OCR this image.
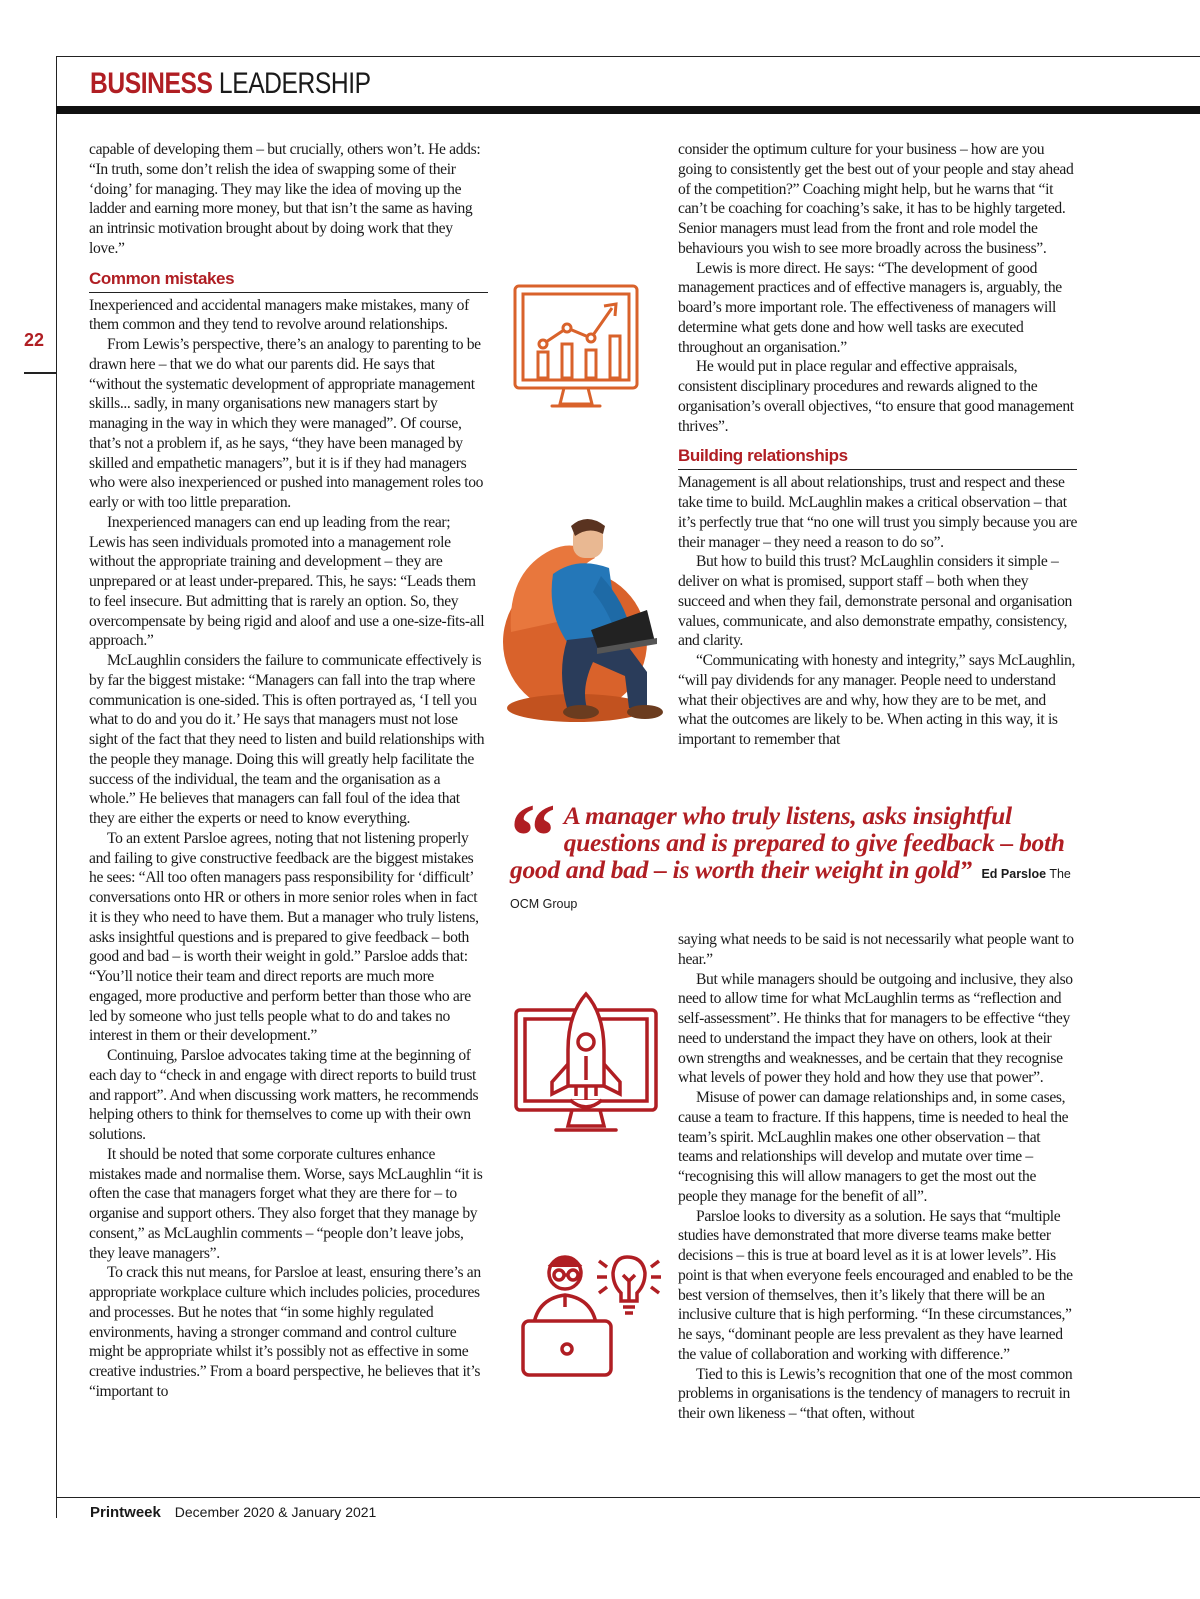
BUSINESS LEADERSHIP
22

capable of developing them – but crucially, others won’t. He adds: “In truth, some don’t relish the idea of swapping some of their ‘doing’ for managing. They may like the idea of moving up the ladder and earning more money, but that isn’t the same as having an intrinsic motivation brought about by doing work that they love.”

Common mistakes

Inexperienced and accidental managers make mistakes, many of them common and they tend to revolve around relationships.

From Lewis’s perspective, there’s an analogy to parenting to be drawn here – that we do what our parents did. He says that “without the systematic development of appropriate management skills... sadly, in many organisations new managers start by managing in the way in which they were managed”. Of course, that’s not a problem if, as he says, “they have been managed by skilled and empathetic managers”, but it is if they had managers who were also inexperienced or pushed into management roles too early or with too little preparation.

Inexperienced managers can end up leading from the rear; Lewis has seen individuals promoted into a management role without the appropriate training and development – they are unprepared or at least under-prepared. This, he says: “Leads them to feel insecure. But admitting that is rarely an option. So, they overcompensate by being rigid and aloof and use a one-size-fits-all approach.”

McLaughlin considers the failure to communicate effectively is by far the biggest mistake: “Managers can fall into the trap where communication is one-sided. This is often portrayed as, ‘I tell you what to do and you do it.’ He says that managers must not lose sight of the fact that they need to listen and build relationships with the people they manage. Doing this will greatly help facilitate the success of the individual, the team and the organisation as a whole.” He believes that managers can fall foul of the idea that they are either the experts or need to know everything.

To an extent Parsloe agrees, noting that not listening properly and failing to give constructive feedback are the biggest mistakes he sees: “All too often managers pass responsibility for ‘difficult’ conversations onto HR or others in more senior roles when in fact it is they who need to have them. But a manager who truly listens, asks insightful questions and is prepared to give feedback – both good and bad – is worth their weight in gold.” Parsloe adds that: “You’ll notice their team and direct reports are much more engaged, more productive and perform better than those who are led by someone who just tells people what to do and takes no interest in them or their development.”

Continuing, Parsloe advocates taking time at the beginning of each day to “check in and engage with direct reports to build trust and rapport”. And when discussing work matters, he recommends helping others to think for themselves to come up with their own solutions.

It should be noted that some corporate cultures enhance mistakes made and normalise them. Worse, says McLaughlin “it is often the case that managers forget what they are there for – to organise and support others. They also forget that they manage by consent,” as McLaughlin comments – “people don’t leave jobs, they leave managers”.

To crack this nut means, for Parsloe at least, ensuring there’s an appropriate workplace culture which includes policies, procedures and processes. But he notes that “in some highly regulated environments, having a stronger command and control culture might be appropriate whilst it’s possibly not as effective in some creative industries.” From a board perspective, he believes that it’s “important to

consider the optimum culture for your business – how are you going to consistently get the best out of your people and stay ahead of the competition?” Coaching might help, but he warns that “it can’t be coaching for coaching’s sake, it has to be highly targeted. Senior managers must lead from the front and role model the behaviours you wish to see more broadly across the business”.

Lewis is more direct. He says: “The development of good management practices and of effective managers is, arguably, the board’s more important role. The effectiveness of managers will determine what gets done and how well tasks are executed throughout an organisation.”

He would put in place regular and effective appraisals, consistent disciplinary procedures and rewards aligned to the organisation’s overall objectives, “to ensure that good management thrives”.

Building relationships

Management is all about relationships, trust and respect and these take time to build. McLaughlin makes a critical observation – that it’s perfectly true that “no one will trust you simply because you are their manager – they need a reason to do so”.

But how to build this trust? McLaughlin considers it simple – deliver on what is promised, support staff – both when they succeed and when they fail, demonstrate personal and organisation values, communicate, and also demonstrate empathy, consistency, and clarity.

“Communicating with honesty and integrity,” says McLaughlin, “will pay dividends for any manager. People need to understand what their objectives are and why, how they are to be met, and what the outcomes are likely to be. When acting in this way, it is important to remember that

“ A manager who truly listens, asks insightful questions and is prepared to give feedback – both good and bad – is worth their weight in gold” Ed Parsloe The OCM Group

saying what needs to be said is not necessarily what people want to hear.”

But while managers should be outgoing and inclusive, they also need to allow time for what McLaughlin terms as “reflection and self-assessment”. He thinks that for managers to be effective “they need to understand the impact they have on others, look at their own strengths and weaknesses, and be certain that they recognise what levels of power they hold and how they use that power”.

Misuse of power can damage relationships and, in some cases, cause a team to fracture. If this happens, time is needed to heal the team’s spirit. McLaughlin makes one other observation – that teams and relationships will develop and mutate over time – “recognising this will allow managers to get the most out the people they manage for the benefit of all”.

Parsloe looks to diversity as a solution. He says that “multiple studies have demonstrated that more diverse teams make better decisions – this is true at board level as it is at lower levels”. His point is that when everyone feels encouraged and enabled to be the best version of themselves, then it’s likely that there will be an inclusive culture that is high performing. “In these circumstances,” he says, “dominant people are less prevalent as they have learned the value of collaboration and working with difference.”

Tied to this is Lewis’s recognition that one of the most common problems in organisations is the tendency of managers to recruit in their own likeness – “that often, without

Printweek December 2020 & January 2021
